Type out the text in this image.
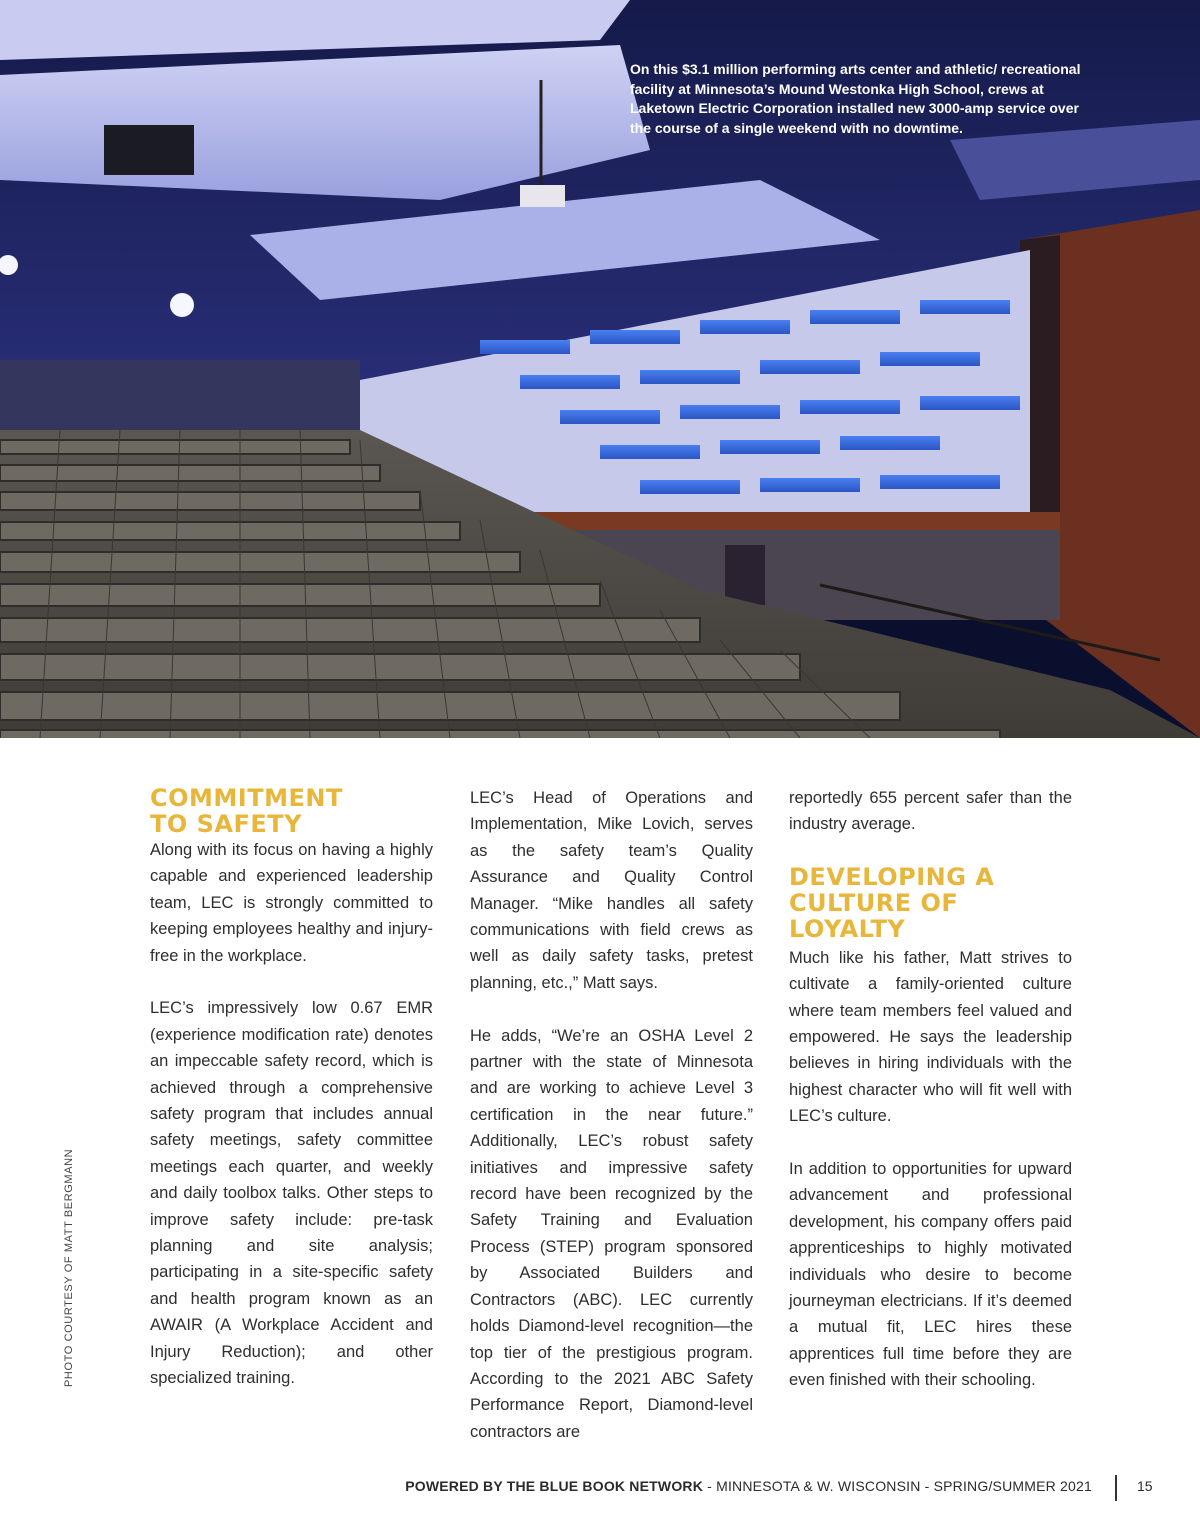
On this $3.1 million performing arts center and athletic/ recreational facility at Minnesota’s Mound Westonka High School, crews at Laketown Electric Corporation installed new 3000-amp service over the course of a single weekend with no downtime.

COMMITMENT
TO SAFETY

Along with its focus on having a highly capable and experienced leadership team, LEC is strongly committed to keeping employees healthy and injury-free in the workplace.

LEC’s impressively low 0.67 EMR (experience modification rate) denotes an impeccable safety record, which is achieved through a comprehensive safety program that includes annual safety meetings, safety committee meetings each quarter, and weekly and daily toolbox talks. Other steps to improve safety include: pre-task planning and site analysis; participating in a site-specific safety and health program known as an AWAIR (A Workplace Accident and Injury Reduction); and other specialized training.

LEC’s Head of Operations and Implementation, Mike Lovich, serves as the safety team’s Quality Assurance and Quality Control Manager. “Mike handles all safety communications with field crews as well as daily safety tasks, pretest planning, etc.,” Matt says.

He adds, “We’re an OSHA Level 2 partner with the state of Minnesota and are working to achieve Level 3 certification in the near future.” Additionally, LEC’s robust safety initiatives and impressive safety record have been recognized by the Safety Training and Evaluation Process (STEP) program sponsored by Associated Builders and Contractors (ABC). LEC currently holds Diamond-level recognition—the top tier of the prestigious program. According to the 2021 ABC Safety Performance Report, Diamond-level contractors are

reportedly 655 percent safer than the industry average.

DEVELOPING A
CULTURE OF LOYALTY

Much like his father, Matt strives to cultivate a family-oriented culture where team members feel valued and empowered. He says the leadership believes in hiring individuals with the highest character who will fit well with LEC’s culture.

In addition to opportunities for upward advancement and professional development, his company offers paid apprenticeships to highly motivated individuals who desire to become journeyman electricians. If it’s deemed a mutual fit, LEC hires these apprentices full time before they are even finished with their schooling.

PHOTO COURTESY OF MATT BERGMANN

POWERED BY THE BLUE BOOK NETWORK - MINNESOTA & W. WISCONSIN - SPRING/SUMMER 2021	15
